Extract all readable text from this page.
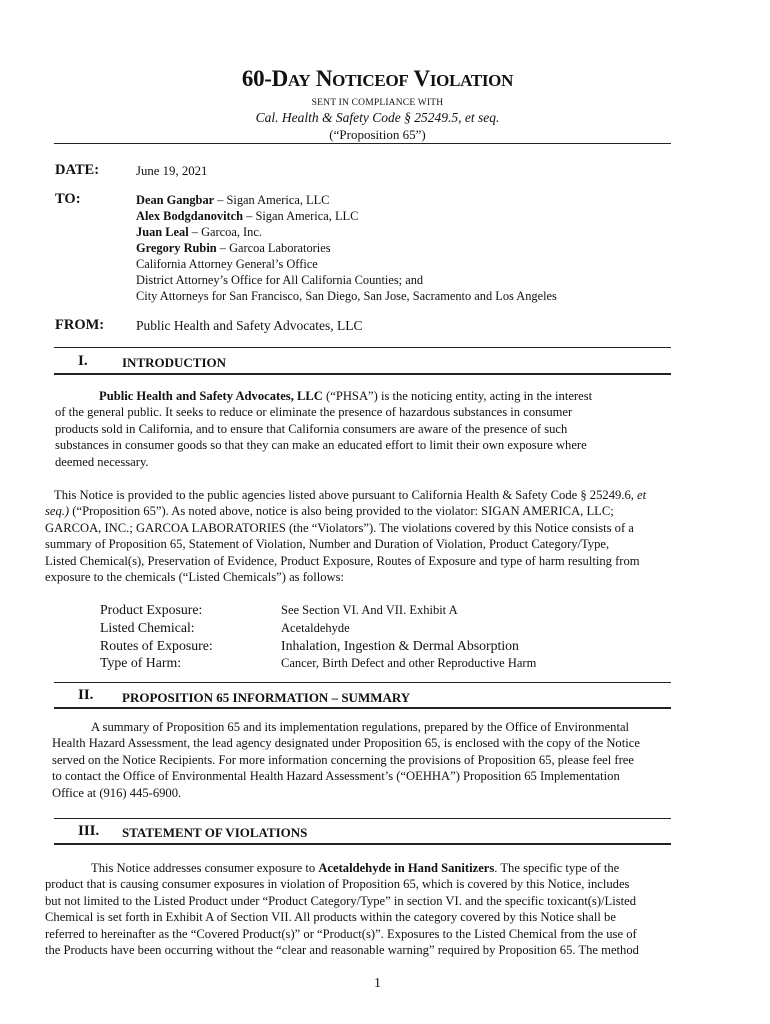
60-DAY NOTICEOF VIOLATION
SENT IN COMPLIANCE WITH
Cal. Health & Safety Code § 25249.5, et seq.
(“Proposition 65”)
DATE:	June 19, 2021
TO:	Dean Gangbar – Sigan America, LLC
Alex Bodgdanovitch – Sigan America, LLC
Juan Leal – Garcoa, Inc.
Gregory Rubin – Garcoa Laboratories
California Attorney General’s Office
District Attorney’s Office for All California Counties; and
City Attorneys for San Francisco, San Diego, San Jose, Sacramento and Los Angeles
FROM: Public Health and Safety Advocates, LLC
I.	INTRODUCTION
Public Health and Safety Advocates, LLC (“PHSA”) is the noticing entity, acting in the interest
of the general public. It seeks to reduce or eliminate the presence of hazardous substances in consumer
products sold in California, and to ensure that California consumers are aware of the presence of such
substances in consumer goods so that they can make an educated effort to limit their own exposure where
deemed necessary.
This Notice is provided to the public agencies listed above pursuant to California Health & Safety Code § 25249.6, et
seq.) (“Proposition 65”). As noted above, notice is also being provided to the violator: SIGAN AMERICA, LLC;
GARCOA, INC.; GARCOA LABORATORIES (the “Violators”). The violations covered by this Notice consists of a
summary of Proposition 65, Statement of Violation, Number and Duration of Violation, Product Category/Type,
Listed Chemical(s), Preservation of Evidence, Product Exposure, Routes of Exposure and type of harm resulting from
exposure to the chemicals (“Listed Chemicals”) as follows:
Product Exposure:	See Section VI. And VII. Exhibit A
Listed Chemical:	Acetaldehyde
Routes of Exposure:	Inhalation, Ingestion & Dermal Absorption
Type of Harm:	Cancer, Birth Defect and other Reproductive Harm
II. PROPOSITION 65 INFORMATION – SUMMARY
A summary of Proposition 65 and its implementation regulations, prepared by the Office of Environmental
Health Hazard Assessment, the lead agency designated under Proposition 65, is enclosed with the copy of the Notice
served on the Notice Recipients. For more information concerning the provisions of Proposition 65, please feel free
to contact the Office of Environmental Health Hazard Assessment’s (“OEHHA”) Proposition 65 Implementation
Office at (916) 445-6900.
III. STATEMENT OF VIOLATIONS
This Notice addresses consumer exposure to Acetaldehyde in Hand Sanitizers. The specific type of the
product that is causing consumer exposures in violation of Proposition 65, which is covered by this Notice, includes
but not limited to the Listed Product under “Product Category/Type” in section VI. and the specific toxicant(s)/Listed
Chemical is set forth in Exhibit A of Section VII. All products within the category covered by this Notice shall be
referred to hereinafter as the “Covered Product(s)” or “Product(s)”. Exposures to the Listed Chemical from the use of
the Products have been occurring without the “clear and reasonable warning” required by Proposition 65. The method
1
